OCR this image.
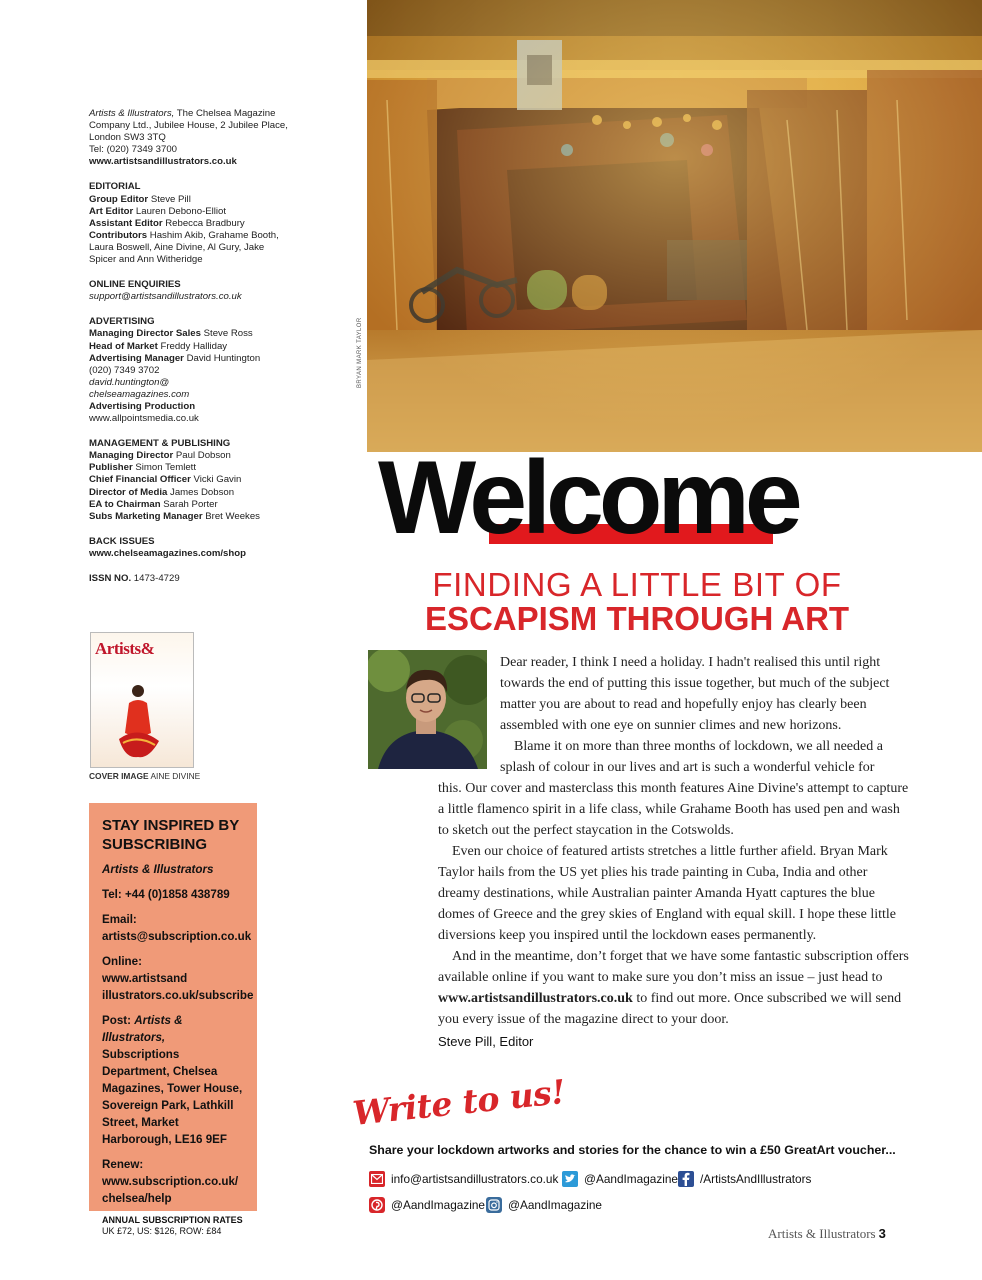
Artists & Illustrators, The Chelsea Magazine Company Ltd., Jubilee House, 2 Jubilee Place, London SW3 3TQ

Tel: (020) 7349 3700

www.artistsandillustrators.co.uk

EDITORIAL

Group Editor Steve Pill

Art Editor Lauren Debono-Elliot

Assistant Editor Rebecca Bradbury

Contributors Hashim Akib, Grahame Booth, Laura Boswell, Aine Divine, Al Gury, Jake Spicer and Ann Witheridge

ONLINE ENQUIRIES

support@artistsandillustrators.co.uk

ADVERTISING

Managing Director Sales Steve Ross

Head of Market Freddy Halliday

Advertising Manager David Huntington

(020) 7349 3702

david.huntington@
chelseamagazines.com

Advertising Production

www.allpointsmedia.co.uk

MANAGEMENT & PUBLISHING

Managing Director Paul Dobson

Publisher Simon Temlett

Chief Financial Officer Vicki Gavin

Director of Media James Dobson

EA to Chairman Sarah Porter

Subs Marketing Manager Bret Weekes

BACK ISSUES

www.chelseamagazines.com/shop

ISSN NO. 1473-4729

Artists&
COVER IMAGE AINE DIVINE
STAY INSPIRED BY SUBSCRIBING

Artists & Illustrators

Tel: +44 (0)1858 438789

Email:
artists@subscription.co.uk

Online:
www.artistsand
illustrators.co.uk/subscribe

Post: Artists & Illustrators, Subscriptions Department, Chelsea Magazines, Tower House, Sovereign Park, Lathkill Street, Market Harborough, LE16 9EF

Renew:
www.subscription.co.uk/
chelsea/help

ANNUAL SUBSCRIPTION RATES
UK £72, US: $126, ROW: £84
BRYAN MARK TAYLOR
Welcome
FINDING A LITTLE BIT OF
ESCAPISM THROUGH ART

Dear reader, I think I need a holiday. I hadn't realised this until right towards the end of putting this issue together, but much of the subject matter you are about to read and hopefully enjoy has clearly been assembled with one eye on sunnier climes and new horizons.

Blame it on more than three months of lockdown, we all needed a splash of colour in our lives and art is such a wonderful vehicle for

this. Our cover and masterclass this month features Aine Divine's attempt to capture a little flamenco spirit in a life class, while Grahame Booth has used pen and wash to sketch out the perfect staycation in the Cotswolds.

Even our choice of featured artists stretches a little further afield. Bryan Mark Taylor hails from the US yet plies his trade painting in Cuba, India and other dreamy destinations, while Australian painter Amanda Hyatt captures the blue domes of Greece and the grey skies of England with equal skill. I hope these little diversions keep you inspired until the lockdown eases permanently.

And in the meantime, don’t forget that we have some fantastic subscription offers available online if you want to make sure you don’t miss an issue – just head to www.artistsandillustrators.co.uk to find out more. Once subscribed we will send you every issue of the magazine direct to your door.

Steve Pill, Editor
Write to us!
Share your lockdown artworks and stories for the chance to win a £50 GreatArt voucher...
info@artistsandillustrators.co.uk @AandImagazine /ArtistsAndIllustrators
@AandImagazine @AandImagazine
Artists & Illustrators 3
